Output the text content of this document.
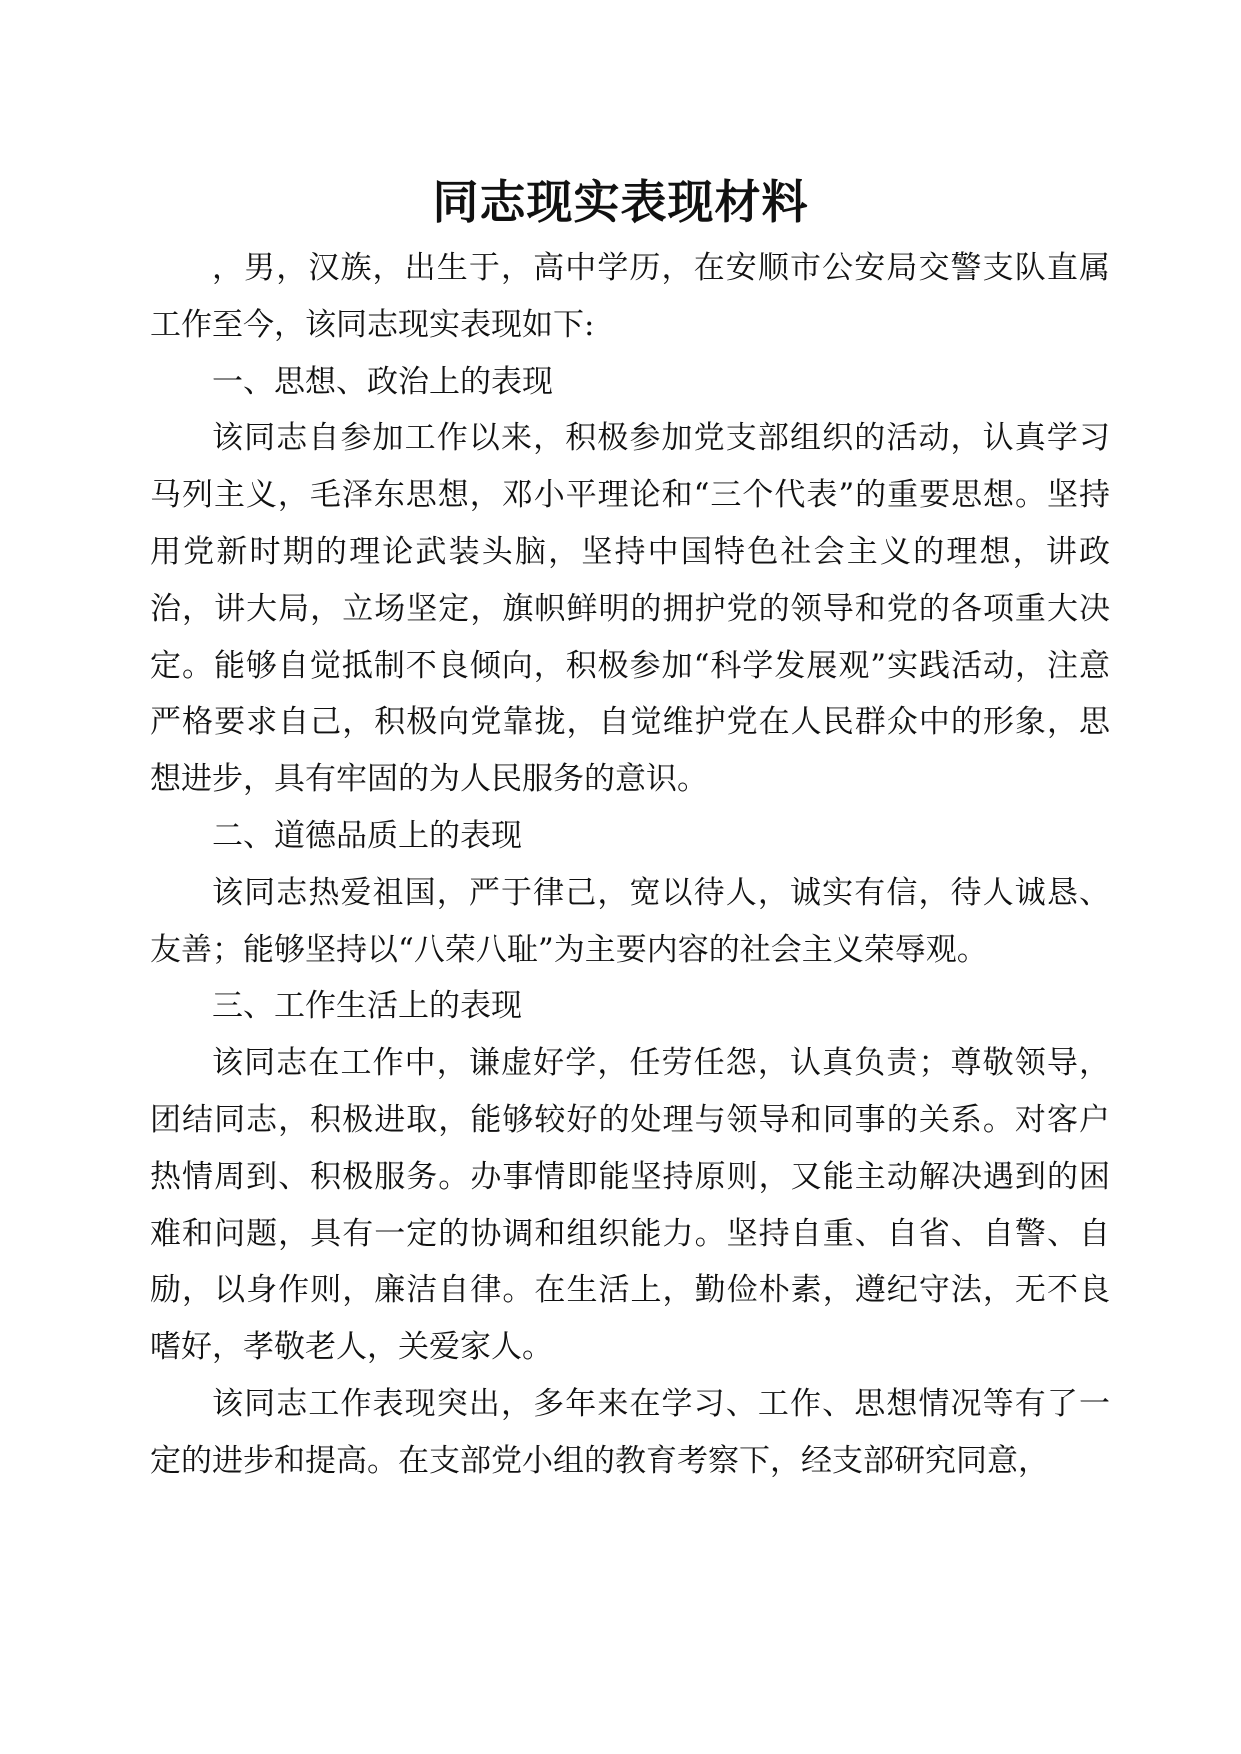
同志现实表现材料

，男，汉族，出生于，高中学历，在安顺市公安局交警支队直属工作至今，该同志现实表现如下:

一、思想、政治上的表现

该同志自参加工作以来，积极参加党支部组织的活动，认真学习马列主义，毛泽东思想，邓小平理论和“三个代表”的重要思想。坚持用党新时期的理论武装头脑，坚持中国特色社会主义的理想，讲政治，讲大局，立场坚定，旗帜鲜明的拥护党的领导和党的各项重大决定。能够自觉抵制不良倾向，积极参加“科学发展观”实践活动，注意严格要求自己，积极向党靠拢，自觉维护党在人民群众中的形象，思想进步，具有牢固的为人民服务的意识。

二、道德品质上的表现

该同志热爱祖国，严于律己，宽以待人，诚实有信，待人诚恳、友善；能够坚持以“八荣八耻”为主要内容的社会主义荣辱观。

三、工作生活上的表现

该同志在工作中，谦虚好学，任劳任怨，认真负责；尊敬领导，团结同志，积极进取，能够较好的处理与领导和同事的关系。对客户热情周到、积极服务。办事情即能坚持原则，又能主动解决遇到的困难和问题，具有一定的协调和组织能力。坚持自重、自省、自警、自励，以身作则，廉洁自律。在生活上，勤俭朴素，遵纪守法，无不良嗜好，孝敬老人，关爱家人。

该同志工作表现突出，多年来在学习、工作、思想情况等有了一定的进步和提高。在支部党小组的教育考察下，经支部研究同意，
